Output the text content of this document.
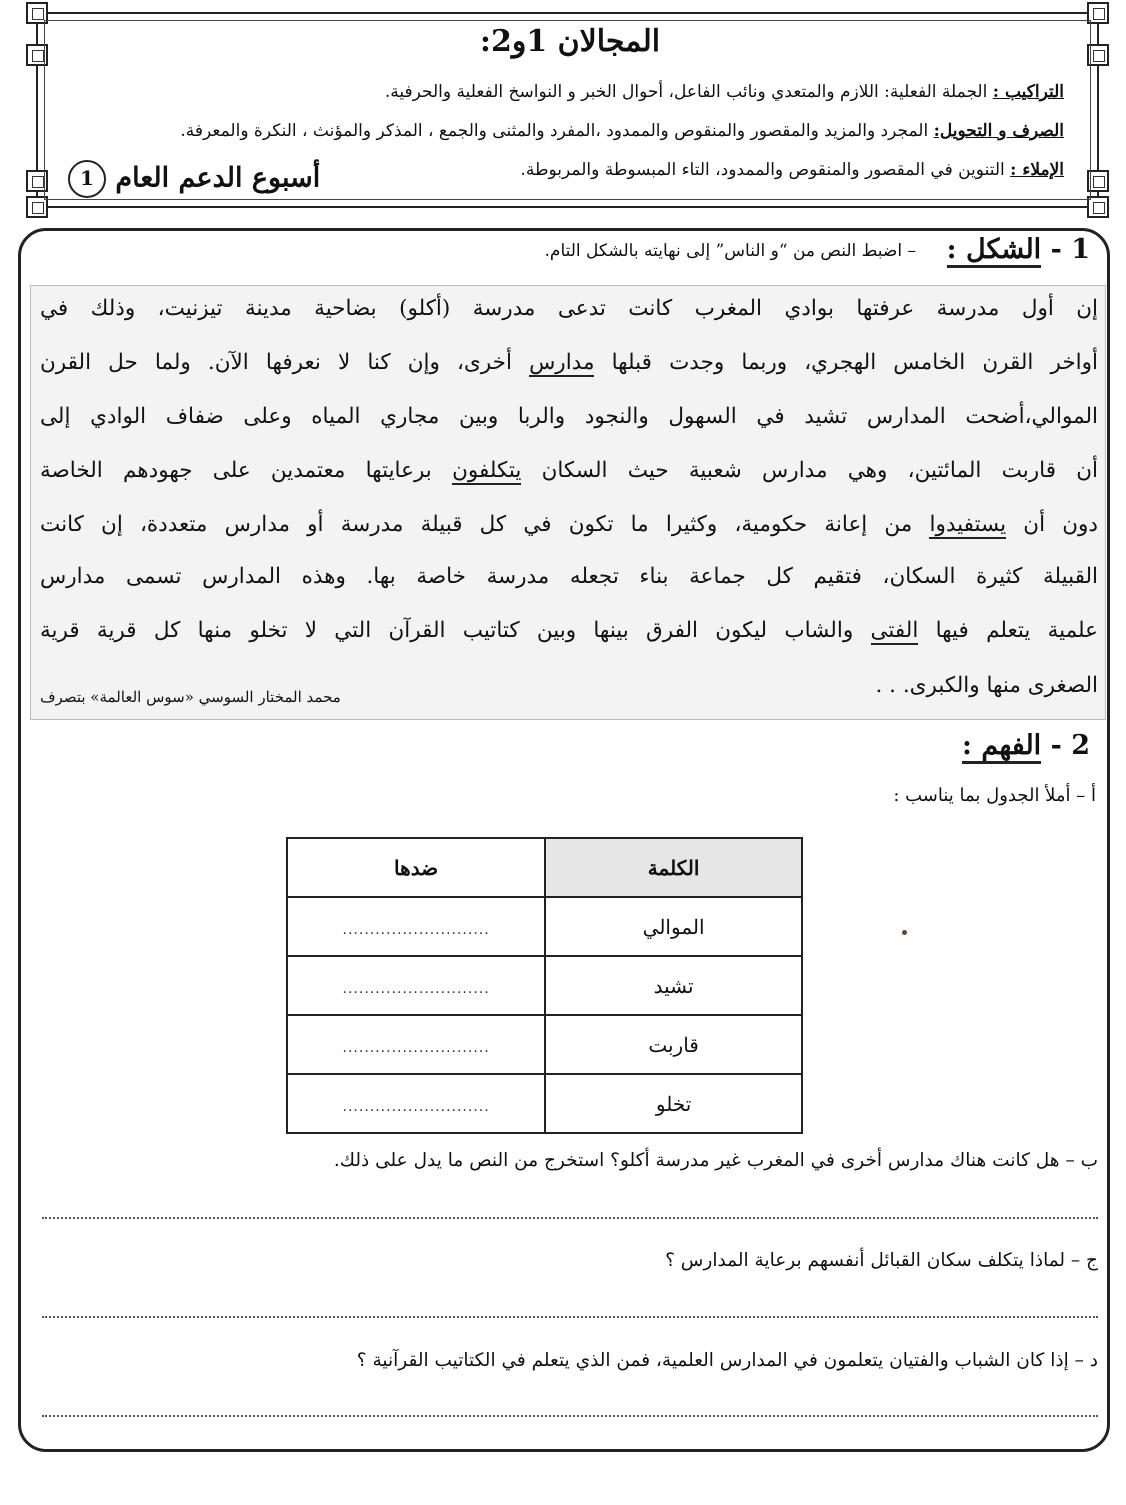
المجالان 1و2:
التراكيب : الجملة الفعلية: اللازم والمتعدي ونائب الفاعل، أحوال الخبر و النواسخ الفعلية والحرفية.
الصرف و التحويل: المجرد والمزيد والمقصور والمنقوص والممدود ،المفرد والمثنى والجمع ، المذكر والمؤنث ، النكرة والمعرفة.
الإملاء : التنوين في المقصور والمنقوص والممدود، التاء المبسوطة والمربوطة.
أسبوع الدعم العام 1
1 - الشكل :
– اضبط النص من “و الناس” إلى نهايته بالشكل التام.
إن أول مدرسة عرفتها بوادي المغرب كانت تدعى مدرسة (أكلو) بضاحية مدينة تيزنيت، وذلك في
أواخر القرن الخامس الهجري، وربما وجدت قبلها مدارس أخرى، وإن كنا لا نعرفها الآن. ولما حل القرن
الموالي،أضحت المدارس تشيد في السهول والنجود والربا وبين مجاري المياه وعلى ضفاف الوادي إلى
أن قاربت المائتين، وهي مدارس شعبية حيث السكان يتكلفون برعايتها معتمدين على جهودهم الخاصة
دون أن يستفيدوا من إعانة حكومية، وكثيرا ما تكون في كل قبيلة مدرسة أو مدارس متعددة، إن كانت
القبيلة كثيرة السكان، فتقيم كل جماعة بناء تجعله مدرسة خاصة بها. وهذه المدارس تسمى مدارس
علمية يتعلم فيها الفتى والشاب ليكون الفرق بينها وبين كتاتيب القرآن التي لا تخلو منها كل قرية قرية
الصغرى منها والكبرى. . .
محمد المختار السوسي «سوس العالمة» بتصرف
2 - الفهم :
أ – أملأ الجدول بما يناسب :
الكلمة	ضدها
الموالي	...........................
تشيد	...........................
قاربت	...........................
تخلو	...........................
ب – هل كانت هناك مدارس أخرى في المغرب غير مدرسة أكلو؟ استخرج من النص ما يدل على ذلك.
ج – لماذا يتكلف سكان القبائل أنفسهم برعاية المدارس ؟
د – إذا كان الشباب والفتيان يتعلمون في المدارس العلمية، فمن الذي يتعلم في الكتاتيب القرآنية ؟
